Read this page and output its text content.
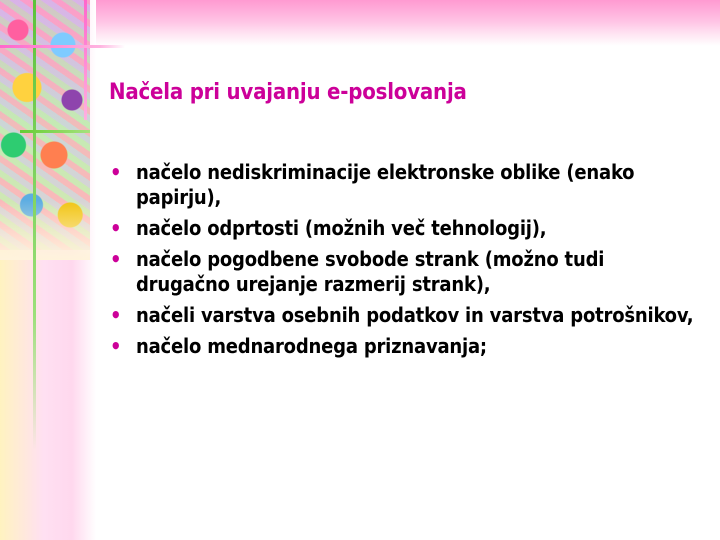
Načela pri uvajanju e-poslovanja
• načelo nediskriminacije elektronske oblike (enako papirju),
• načelo odprtosti (možnih več tehnologij),
• načelo pogodbene svobode strank (možno tudi drugačno urejanje razmerij strank),
• načeli varstva osebnih podatkov in varstva potrošnikov,
• načelo mednarodnega priznavanja;
